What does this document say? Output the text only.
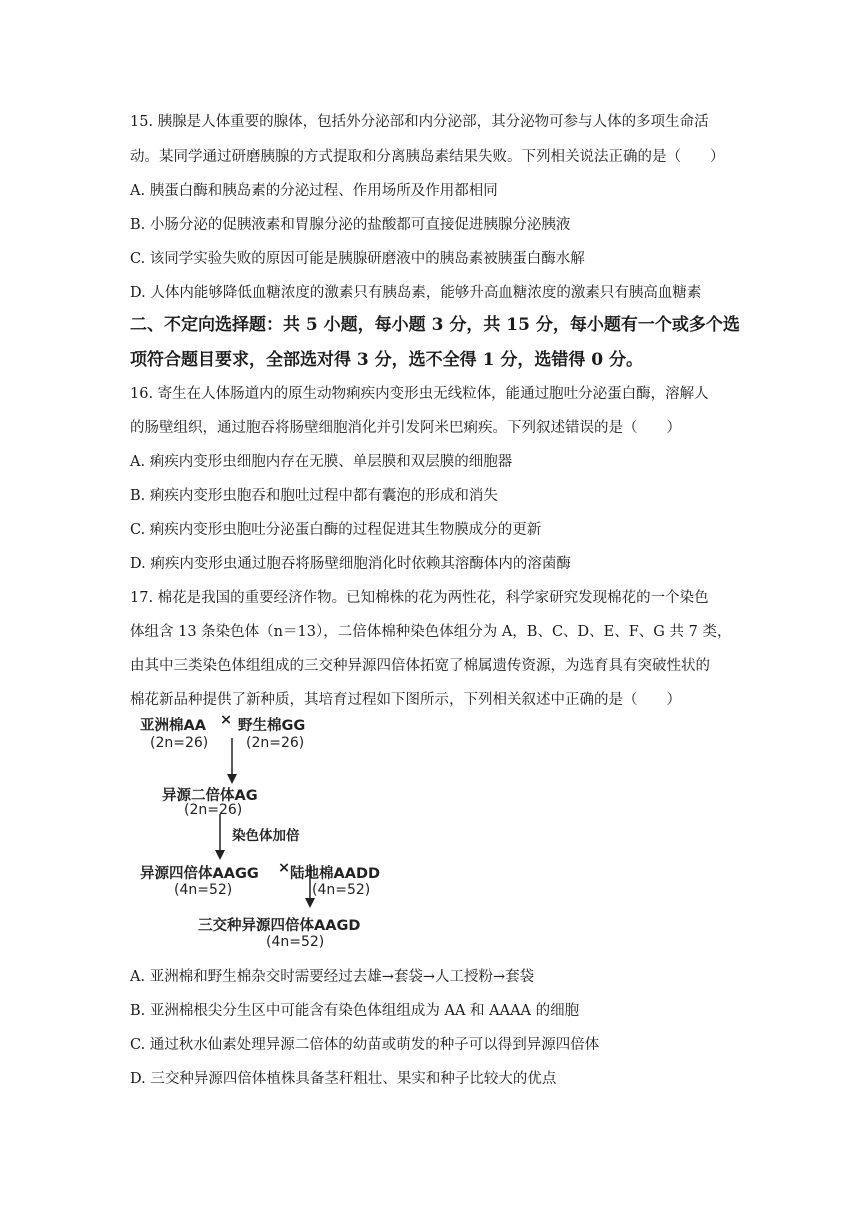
15. 胰腺是人体重要的腺体，包括外分泌部和内分泌部，其分泌物可参与人体的多项生命活
动。某同学通过研磨胰腺的方式提取和分离胰岛素结果失败。下列相关说法正确的是（　　）
A. 胰蛋白酶和胰岛素的分泌过程、作用场所及作用都相同
B. 小肠分泌的促胰液素和胃腺分泌的盐酸都可直接促进胰腺分泌胰液
C. 该同学实验失败的原因可能是胰腺研磨液中的胰岛素被胰蛋白酶水解
D. 人体内能够降低血糖浓度的激素只有胰岛素，能够升高血糖浓度的激素只有胰高血糖素
二、不定向选择题：共 5 小题，每小题 3 分，共 15 分，每小题有一个或多个选
项符合题目要求，全部选对得 3 分，选不全得 1 分，选错得 0 分。
16. 寄生在人体肠道内的原生动物痢疾内变形虫无线粒体，能通过胞吐分泌蛋白酶，溶解人
的肠壁组织，通过胞吞将肠壁细胞消化并引发阿米巴痢疾。下列叙述错误的是（　　）
A. 痢疾内变形虫细胞内存在无膜、单层膜和双层膜的细胞器
B. 痢疾内变形虫胞吞和胞吐过程中都有囊泡的形成和消失
C. 痢疾内变形虫胞吐分泌蛋白酶的过程促进其生物膜成分的更新
D. 痢疾内变形虫通过胞吞将肠壁细胞消化时依赖其溶酶体内的溶菌酶
17. 棉花是我国的重要经济作物。已知棉株的花为两性花，科学家研究发现棉花的一个染色
体组含 13 条染色体（n＝13），二倍体棉种染色体组分为 A，B、C、D、E、F、G 共 7 类，
由其中三类染色体组组成的三交种异源四倍体拓宽了棉属遗传资源，为选育具有突破性状的
棉花新品种提供了新种质，其培育过程如下图所示，下列相关叙述中正确的是（　　）
亚洲棉AA × 野生棉GG
(2n=26)	(2n=26)
异源二倍体AG
(2n=26)
染色体加倍
异源四倍体AAGG × 陆地棉AADD
(4n=52)	(4n=52)
三交种异源四倍体AAGD
(4n=52)
A. 亚洲棉和野生棉杂交时需要经过去雄→套袋→人工授粉→套袋
B. 亚洲棉根尖分生区中可能含有染色体组组成为 AA 和 AAAA 的细胞
C. 通过秋水仙素处理异源二倍体的幼苗或萌发的种子可以得到异源四倍体
D. 三交种异源四倍体植株具备茎秆粗壮、果实和种子比较大的优点
